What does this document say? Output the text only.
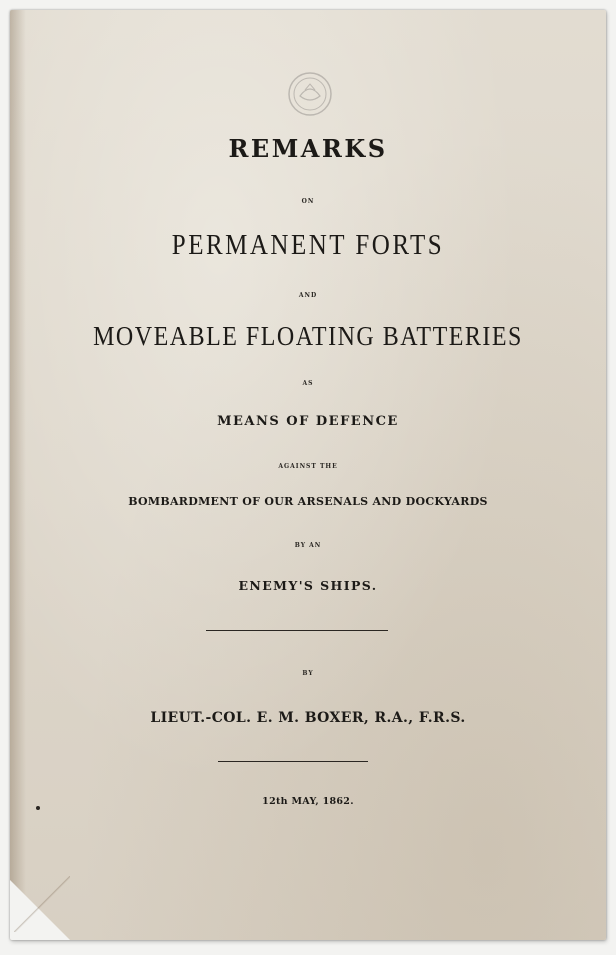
REMARKS
ON
PERMANENT FORTS
AND
MOVEABLE FLOATING BATTERIES
AS
MEANS OF DEFENCE
AGAINST THE
BOMBARDMENT OF OUR ARSENALS AND DOCKYARDS
BY AN
ENEMY'S SHIPS.
BY
LIEUT.-COL. E. M. BOXER, R.A., F.R.S.
12th MAY, 1862.
